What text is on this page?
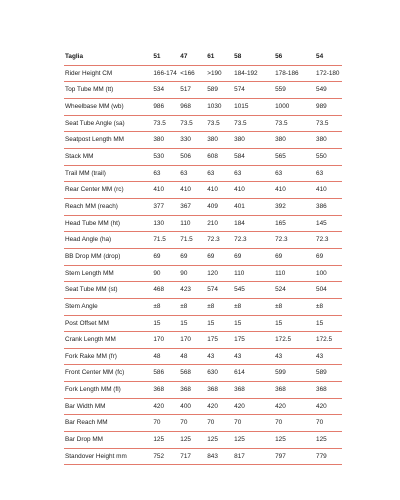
Taglia	51	47	61	58	56	54
Rider Height CM	166-174	<166	>190	184-192	178-186	172-180
Top Tube MM (tt)	534	517	589	574	559	549
Wheelbase MM (wb)	986	968	1030	1015	1000	989
Seat Tube Angle (sa)	73.5	73.5	73.5	73.5	73.5	73.5
Seatpost Length MM	380	330	380	380	380	380
Stack MM	530	506	608	584	565	550
Trail MM (trail)	63	63	63	63	63	63
Rear Center MM (rc)	410	410	410	410	410	410
Reach MM (reach)	377	367	409	401	392	386
Head Tube MM (ht)	130	110	210	184	165	145
Head Angle (ha)	71.5	71.5	72.3	72.3	72.3	72.3
BB Drop MM (drop)	69	69	69	69	69	69
Stem Length MM	90	90	120	110	110	100
Seat Tube MM (st)	468	423	574	545	524	504
Stem Angle	±8	±8	±8	±8	±8	±8
Post Offset MM	15	15	15	15	15	15
Crank Length MM	170	170	175	175	172.5	172.5
Fork Rake MM (fr)	48	48	43	43	43	43
Front Center MM (fc)	586	568	630	614	599	589
Fork Length MM (fl)	368	368	368	368	368	368
Bar Width MM	420	400	420	420	420	420
Bar Reach MM	70	70	70	70	70	70
Bar Drop MM	125	125	125	125	125	125
Standover Height mm	752	717	843	817	797	779
